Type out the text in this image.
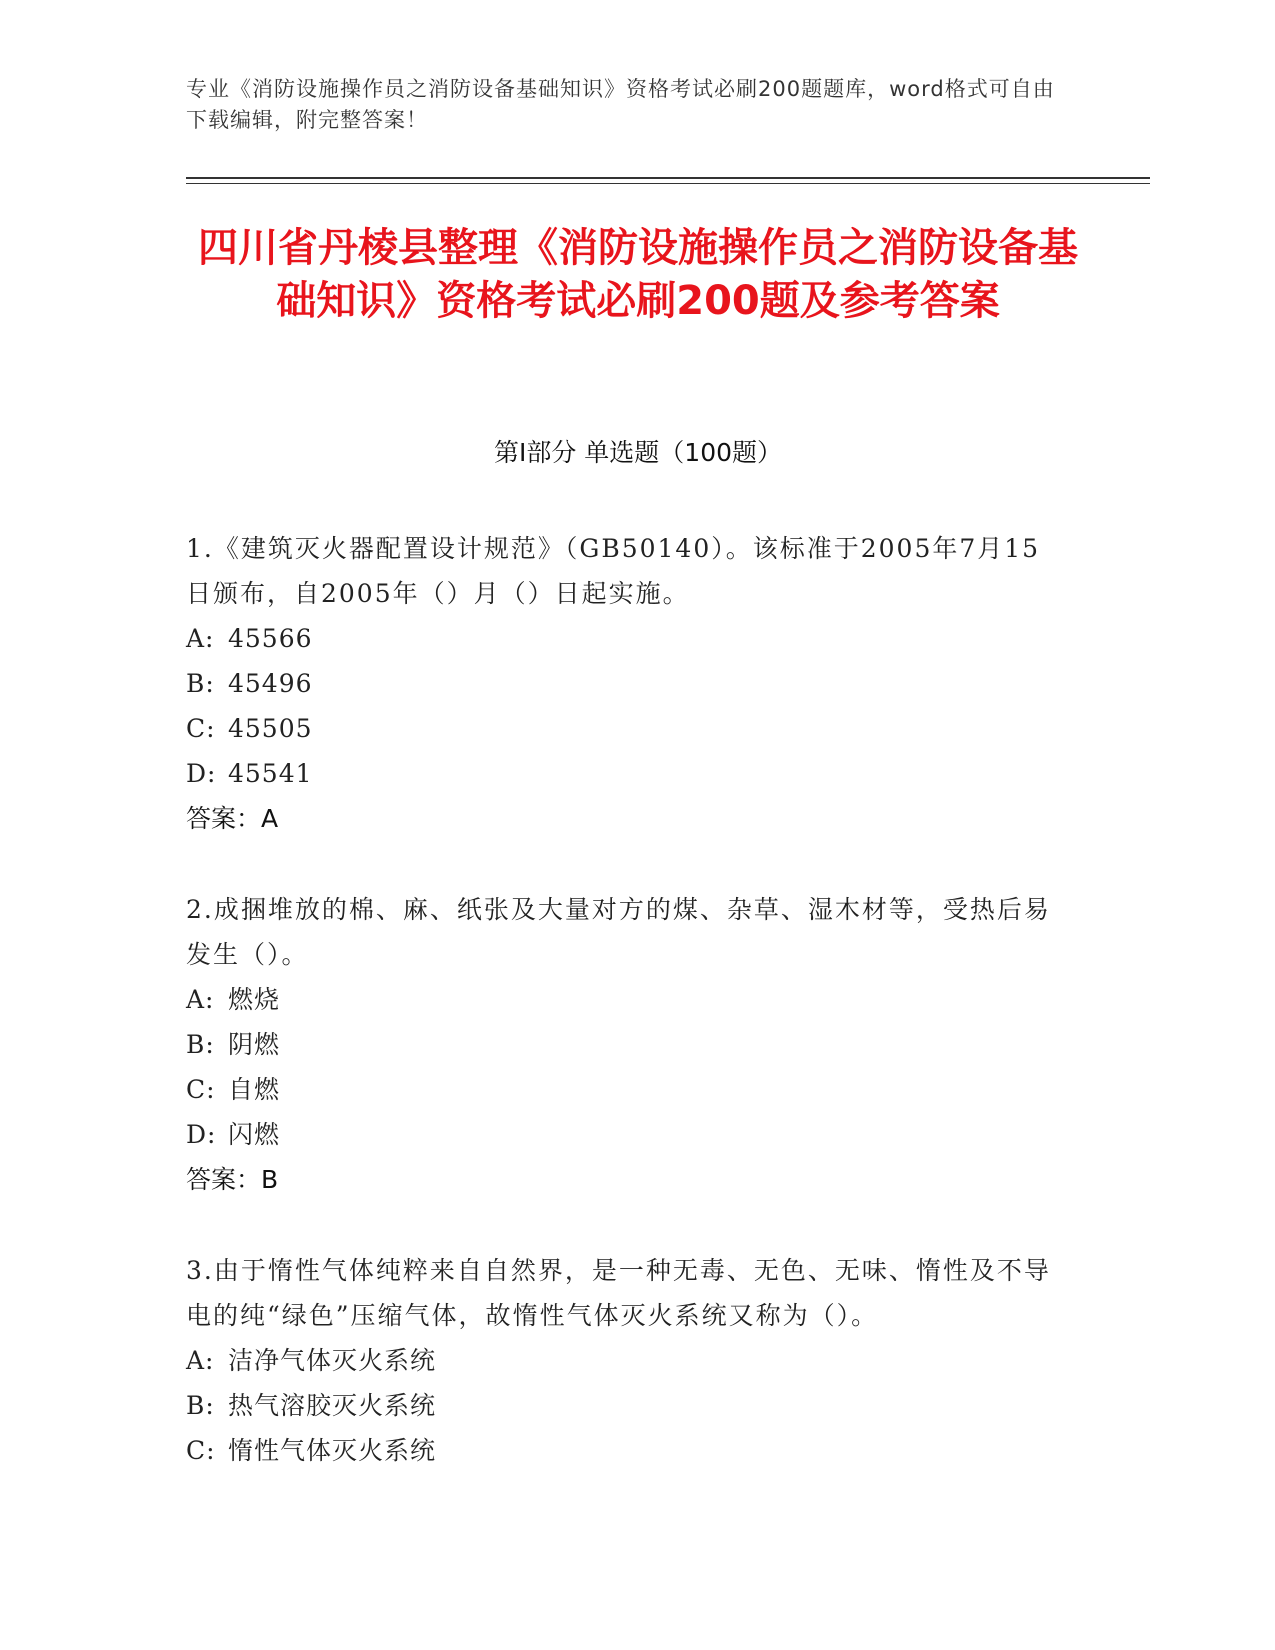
专业《消防设施操作员之消防设备基础知识》资格考试必刷200题题库，word格式可自由下载编辑，附完整答案！
四川省丹棱县整理《消防设施操作员之消防设备基础知识》资格考试必刷200题及参考答案
第Ⅰ部分 单选题（100题）

1.《建筑灭火器配置设计规范》（GB50140）。该标准于2005年7月15日颁布，自2005年（）月（）日起实施。

A: 45566

B: 45496

C: 45505

D: 45541

答案：A

2.成捆堆放的棉、麻、纸张及大量对方的煤、杂草、湿木材等，受热后易发生（）。

A: 燃烧

B: 阴燃

C: 自燃

D: 闪燃

答案：B

3.由于惰性气体纯粹来自自然界，是一种无毒、无色、无味、惰性及不导电的纯“绿色”压缩气体，故惰性气体灭火系统又称为（）。

A: 洁净气体灭火系统

B: 热气溶胶灭火系统

C: 惰性气体灭火系统
